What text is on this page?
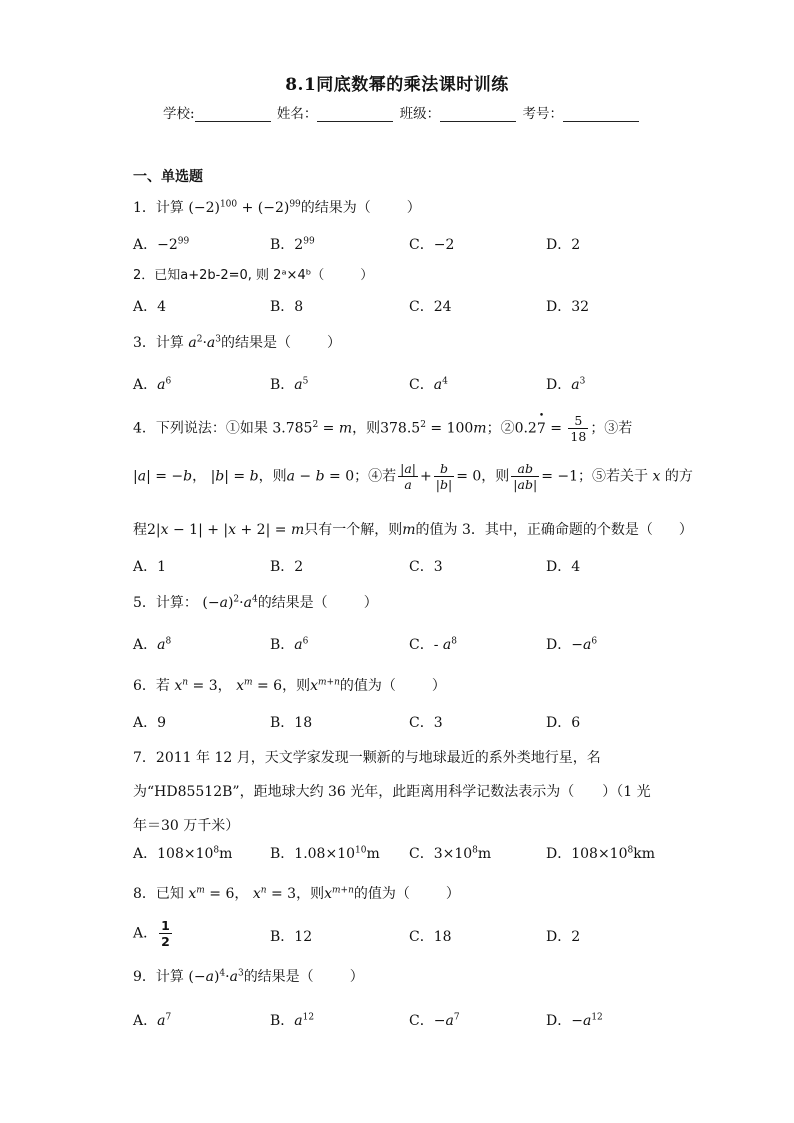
8.1同底数幂的乘法课时训练
学校:	姓名：	班级：	考号：
一、单选题
1．计算 $(-2)^{100} + (-2)^{99}$的结果为（	）
A．$-2^{99}$	B．$2^{99}$	C．−2	D．2
2．已知a+2b-2=0, 则 2ᵃ×4ᵇ（	）
A．4	B．8	C．24	D．32
3．计算 $a^2\cdot a^3$的结果是（	）
A．$a^6$	B．$a^5$	C．$a^4$	D．$a^3$
4．下列说法：①如果 $3.785^2 = m$，则$378.5^2 = 100m$；②0.27 • = $\frac{5}{18}$ ；③若
|a| = −b， |b| = b，则a − b = 0；④若 $\frac{|a|}{a} + \frac{b}{|b|} = 0$，则 $\frac{ab}{|ab|} = -1$；⑤若关于 x 的方
程2|x − 1| + |x + 2| = m只有一个解，则m的值为 3．其中，正确命题的个数是（ ）
A．1	B．2	C．3	D．4
5．计算： $(-a)^2\cdot a^4$的结果是（	）
A．$a^8$	B．$a^6$	C．- $a^8$	D．$-a^6$
6．若 $x^n = 3$， $x^m = 6$，则$x^{m+n}$的值为（	）
A．9	B．18	C．3	D．6
7．2011 年 12 月，天文学家发现一颗新的与地球最近的系外类地行星，名为“HD85512B”，距地球大约 36 光年，此距离用科学记数法表示为（　　）（1 光年＝30 万千米）
A．$108\times 10^8m$	B．$1.08\times 10^{10}m$ C．$3\times 10^8m$	D．$108\times 10^8km$
8．已知 $x^m = 6$， $x^n = 3$，则$x^{m+n}$的值为（	）
A． $\frac{1}{2}$	B．12	C．18	D．2
9．计算 $(-a)^4\cdot a^3$的结果是（	）
A．$a^7$	B．$a^{12}$	C．$-a^7$	D．$-a^{12}$
